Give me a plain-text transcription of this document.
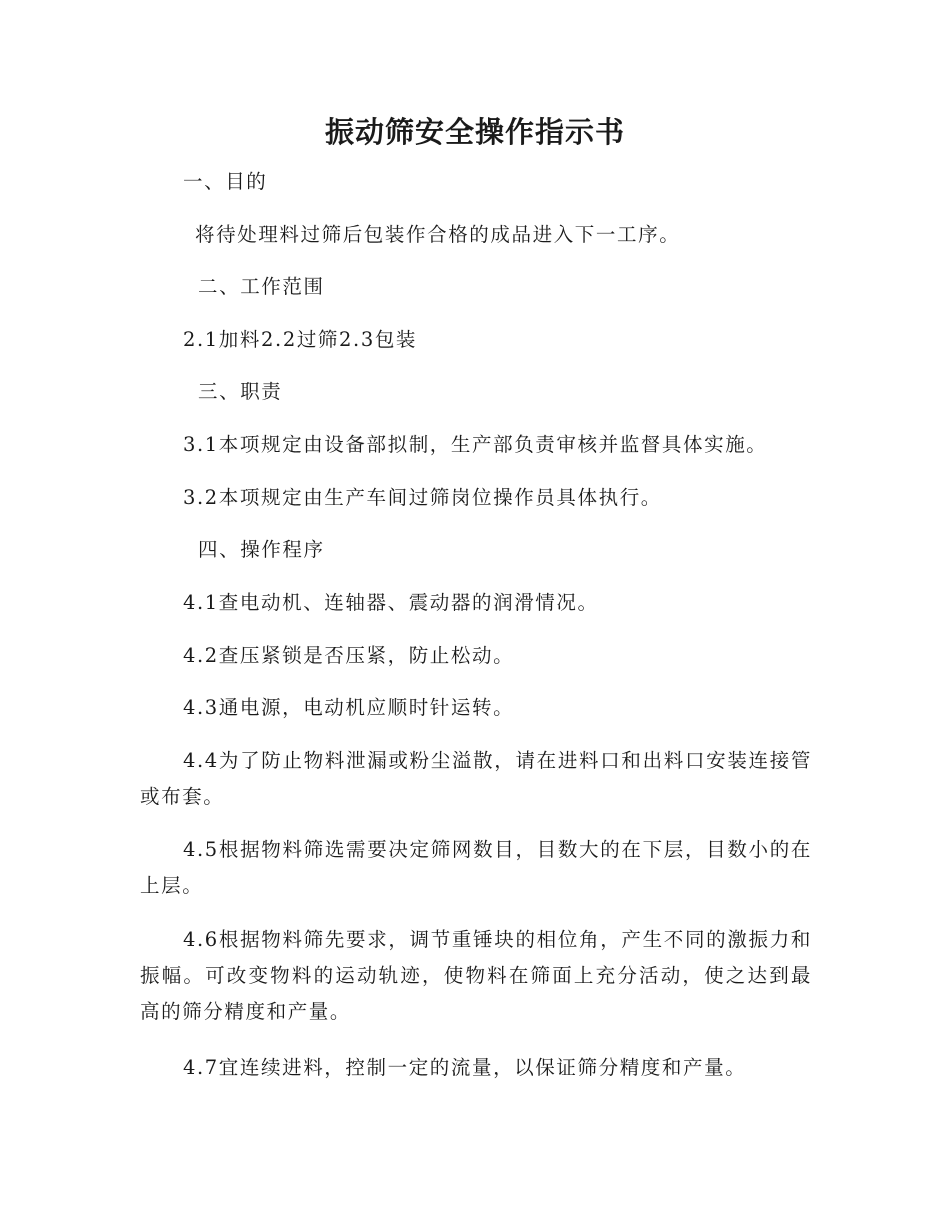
振动筛安全操作指示书
一、目的
将待处理料过筛后包装作合格的成品进入下一工序。
二、工作范围
2.1加料2.2过筛2.3包装
三、职责
3.1本项规定由设备部拟制，生产部负责审核并监督具体实施。
3.2本项规定由生产车间过筛岗位操作员具体执行。
四、操作程序
4.1查电动机、连轴器、震动器的润滑情况。
4.2查压紧锁是否压紧，防止松动。
4.3通电源，电动机应顺时针运转。
4.4为了防止物料泄漏或粉尘溢散，请在进料口和出料口安装连接管或布套。
4.5根据物料筛选需要决定筛网数目，目数大的在下层，目数小的在上层。
4.6根据物料筛先要求，调节重锤块的相位角，产生不同的激振力和振幅。可改变物料的运动轨迹，使物料在筛面上充分活动，使之达到最高的筛分精度和产量。
4.7宜连续进料，控制一定的流量，以保证筛分精度和产量。
